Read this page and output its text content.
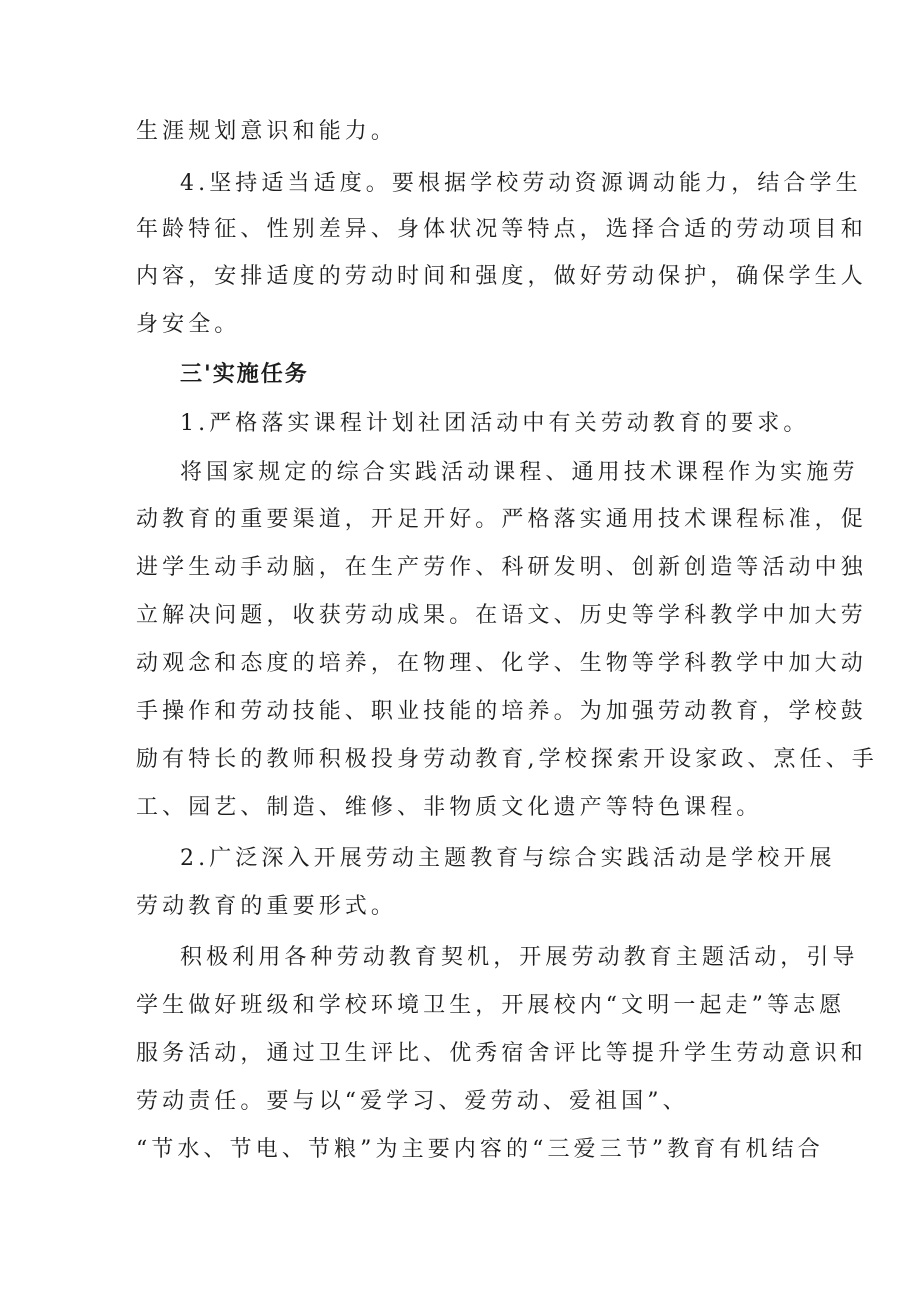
生涯规划意识和能力。
4.坚持适当适度。要根据学校劳动资源调动能力，结合学生
年龄特征、性别差异、身体状况等特点，选择合适的劳动项目和
内容，安排适度的劳动时间和强度，做好劳动保护，确保学生人
身安全。
三'实施任务
1.严格落实课程计划社团活动中有关劳动教育的要求。
将国家规定的综合实践活动课程、通用技术课程作为实施劳
动教育的重要渠道，开足开好。严格落实通用技术课程标准，促
进学生动手动脑，在生产劳作、科研发明、创新创造等活动中独
立解决问题，收获劳动成果。在语文、历史等学科教学中加大劳
动观念和态度的培养，在物理、化学、生物等学科教学中加大动
手操作和劳动技能、职业技能的培养。为加强劳动教育，学校鼓
励有特长的教师积极投身劳动教育,学校探索开设家政、烹任、手
工、园艺、制造、维修、非物质文化遗产等特色课程。
2.广泛深入开展劳动主题教育与综合实践活动是学校开展
劳动教育的重要形式。
积极利用各种劳动教育契机，开展劳动教育主题活动，引导
学生做好班级和学校环境卫生，开展校内“文明一起走”等志愿
服务活动，通过卫生评比、优秀宿舍评比等提升学生劳动意识和
劳动责任。要与以“爱学习、爱劳动、爱祖国”、
“节水、节电、节粮”为主要内容的“三爱三节”教育有机结合
